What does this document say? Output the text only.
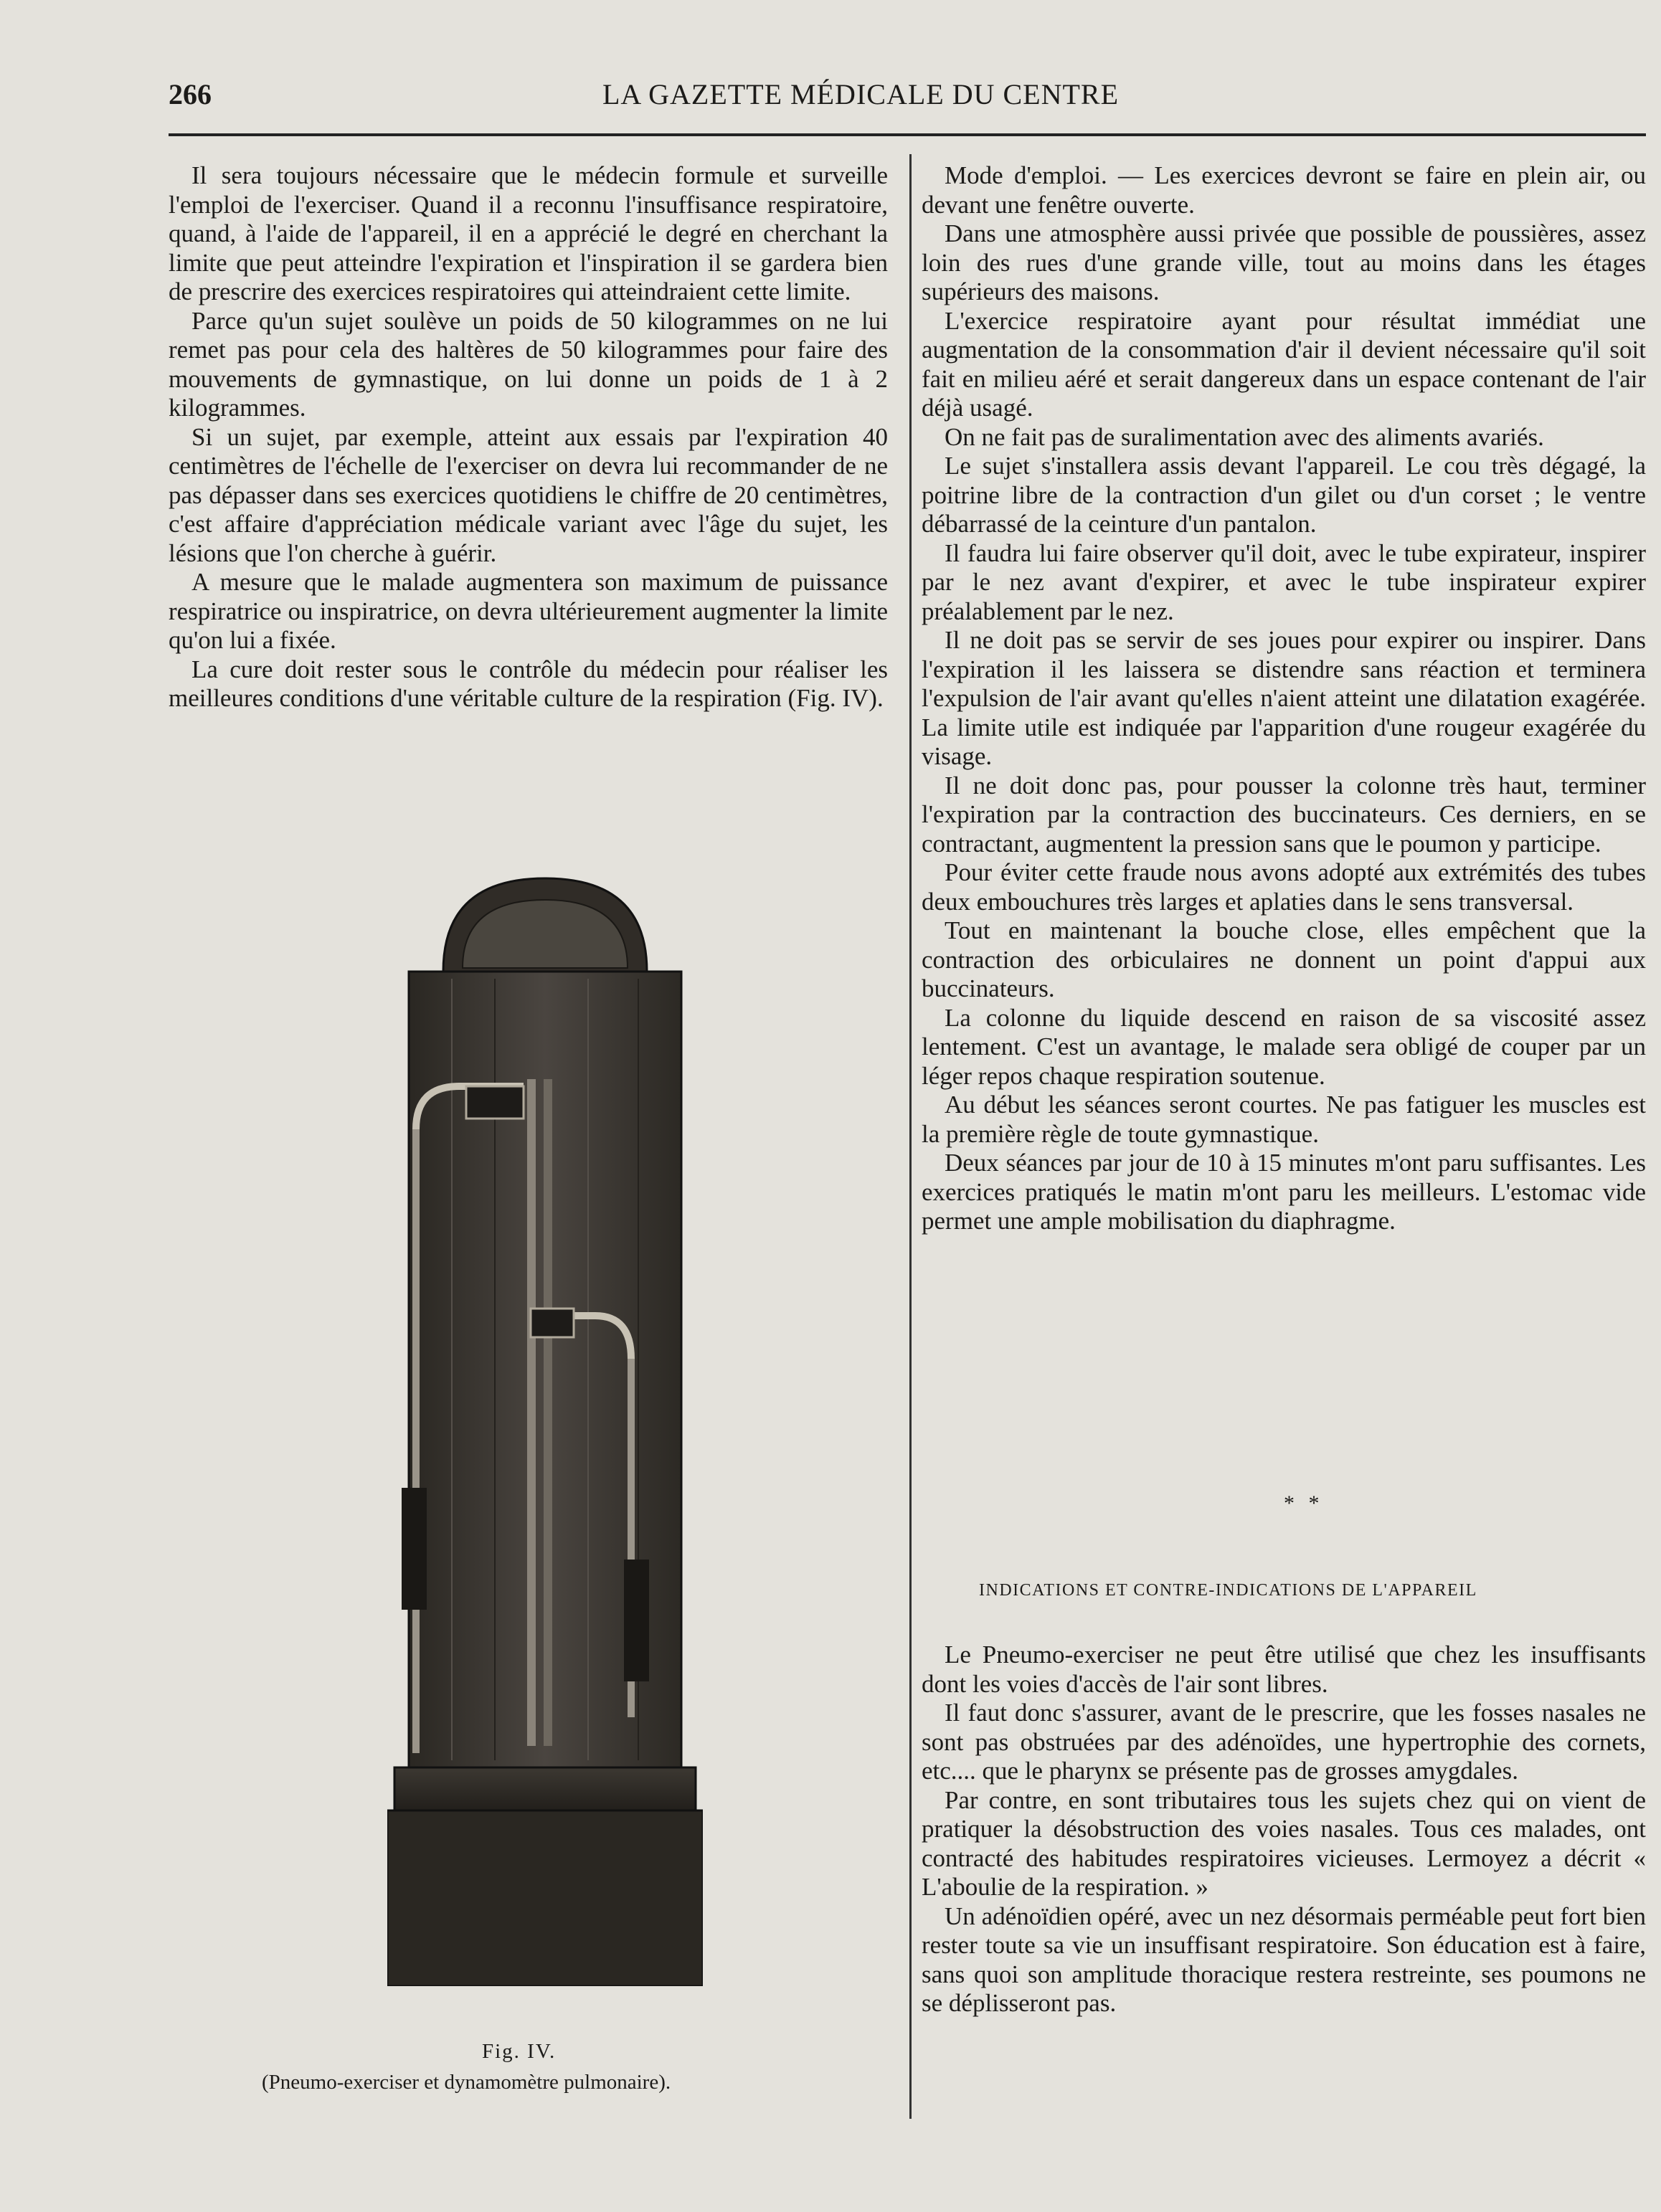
266	LA GAZETTE MÉDICALE DU CENTRE

Il sera toujours nécessaire que le médecin formule et surveille l'emploi de l'exerciser. Quand il a reconnu l'insuffisance respiratoire, quand, à l'aide de l'appareil, il en a apprécié le degré en cherchant la limite que peut atteindre l'expiration et l'inspiration il se gardera bien de prescrire des exercices respiratoires qui atteindraient cette limite.

Parce qu'un sujet soulève un poids de 50 kilogrammes on ne lui remet pas pour cela des haltères de 50 kilogrammes pour faire des mouvements de gymnastique, on lui donne un poids de 1 à 2 kilogrammes.

Si un sujet, par exemple, atteint aux essais par l'expiration 40 centimètres de l'échelle de l'exerciser on devra lui recommander de ne pas dépasser dans ses exercices quotidiens le chiffre de 20 centimètres, c'est affaire d'appréciation médicale variant avec l'âge du sujet, les lésions que l'on cherche à guérir.

A mesure que le malade augmentera son maximum de puissance respiratrice ou inspiratrice, on devra ultérieurement augmenter la limite qu'on lui a fixée.

La cure doit rester sous le contrôle du médecin pour réaliser les meilleures conditions d'une véritable culture de la respiration (Fig. IV).

Fig. IV.
(Pneumo-exerciser et dynamomètre pulmonaire).

Mode d'emploi. — Les exercices devront se faire en plein air, ou devant une fenêtre ouverte.

Dans une atmosphère aussi privée que possible de poussières, assez loin des rues d'une grande ville, tout au moins dans les étages supérieurs des maisons.

L'exercice respiratoire ayant pour résultat immédiat une augmentation de la consommation d'air il devient nécessaire qu'il soit fait en milieu aéré et serait dangereux dans un espace contenant de l'air déjà usagé.

On ne fait pas de suralimentation avec des aliments avariés.

Le sujet s'installera assis devant l'appareil. Le cou très dégagé, la poitrine libre de la contraction d'un gilet ou d'un corset ; le ventre débarrassé de la ceinture d'un pantalon.

Il faudra lui faire observer qu'il doit, avec le tube expirateur, inspirer par le nez avant d'expirer, et avec le tube inspirateur expirer préalablement par le nez.

Il ne doit pas se servir de ses joues pour expirer ou inspirer. Dans l'expiration il les laissera se distendre sans réaction et terminera l'expulsion de l'air avant qu'elles n'aient atteint une dilatation exagérée. La limite utile est indiquée par l'apparition d'une rougeur exagérée du visage.

Il ne doit donc pas, pour pousser la colonne très haut, terminer l'expiration par la contraction des buccinateurs. Ces derniers, en se contractant, augmentent la pression sans que le poumon y participe.

Pour éviter cette fraude nous avons adopté aux extrémités des tubes deux embouchures très larges et aplaties dans le sens transversal.

Tout en maintenant la bouche close, elles empêchent que la contraction des orbiculaires ne donnent un point d'appui aux buccinateurs.

La colonne du liquide descend en raison de sa viscosité assez lentement. C'est un avantage, le malade sera obligé de couper par un léger repos chaque respiration soutenue.

Au début les séances seront courtes. Ne pas fatiguer les muscles est la première règle de toute gymnastique.

Deux séances par jour de 10 à 15 minutes m'ont paru suffisantes. Les exercices pratiqués le matin m'ont paru les meilleurs. L'estomac vide permet une ample mobilisation du diaphragme.

* *
INDICATIONS ET CONTRE-INDICATIONS DE L'APPAREIL

Le Pneumo-exerciser ne peut être utilisé que chez les insuffisants dont les voies d'accès de l'air sont libres.

Il faut donc s'assurer, avant de le prescrire, que les fosses nasales ne sont pas obstruées par des adénoïdes, une hypertrophie des cornets, etc.... que le pharynx se présente pas de grosses amygdales.

Par contre, en sont tributaires tous les sujets chez qui on vient de pratiquer la désobstruction des voies nasales. Tous ces malades, ont contracté des habitudes respiratoires vicieuses. Lermoyez a décrit « L'aboulie de la respiration. »

Un adénoïdien opéré, avec un nez désormais perméable peut fort bien rester toute sa vie un insuffisant respiratoire. Son éducation est à faire, sans quoi son amplitude thoracique restera restreinte, ses poumons ne se déplisseront pas.
